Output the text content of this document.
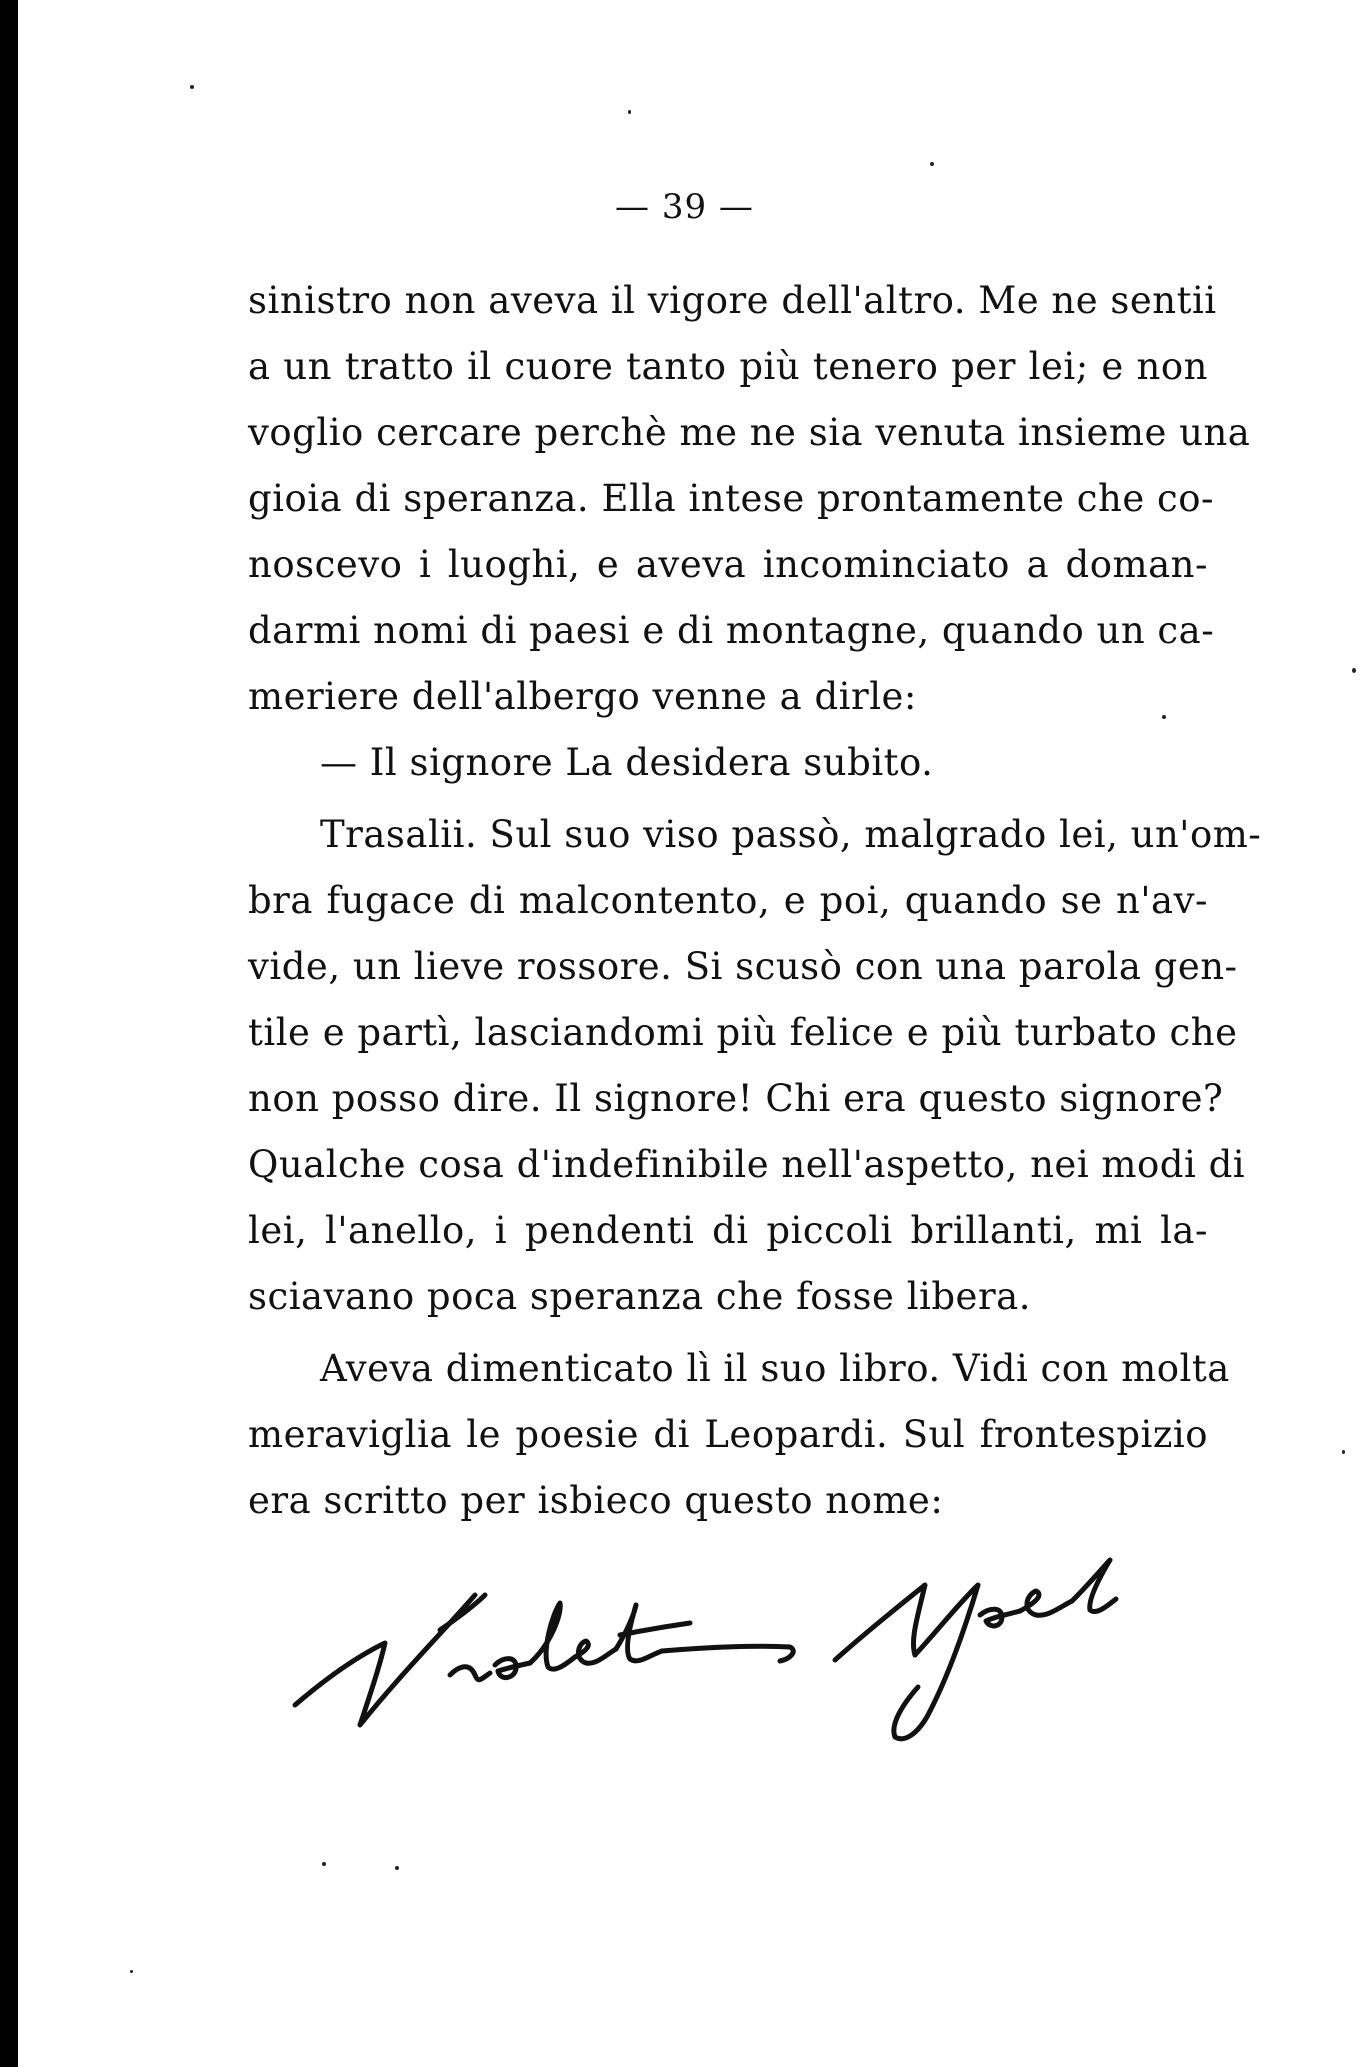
— 39 —
sinistro non aveva il vigore dell'altro. Me ne sentii
a un tratto il cuore tanto più tenero per lei; e non
voglio cercare perchè me ne sia venuta insieme una
gioia di speranza. Ella intese prontamente che co-
noscevo i luoghi, e aveva incominciato a doman-
darmi nomi di paesi e di montagne, quando un ca-
meriere dell'albergo venne a dirle:
— Il signore La desidera subito.
Trasalii. Sul suo viso passò, malgrado lei, un'om-
bra fugace di malcontento, e poi, quando se n'av-
vide, un lieve rossore. Si scusò con una parola gen-
tile e partì, lasciandomi più felice e più turbato che
non posso dire. Il signore! Chi era questo signore?
Qualche cosa d'indefinibile nell'aspetto, nei modi di
lei, l'anello, i pendenti di piccoli brillanti, mi la-
sciavano poca speranza che fosse libera.
Aveva dimenticato lì il suo libro. Vidi con molta
meraviglia le poesie di Leopardi. Sul frontespizio
era scritto per isbieco questo nome:
